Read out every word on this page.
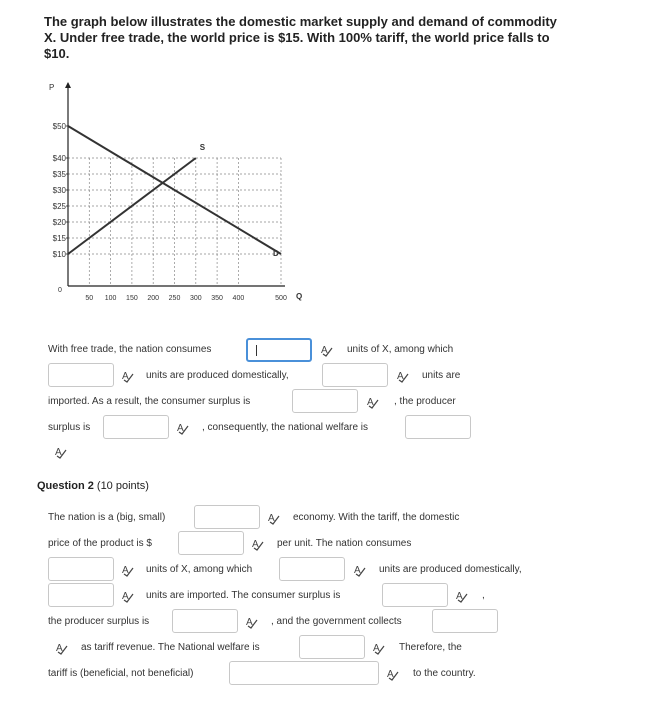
The graph below illustrates the domestic market supply and demand of commodity X. Under free trade, the world price is $15. With 100% tariff, the world price falls to $10.
S
D
P
Q
$10
$15
$20
$25
$30
$35
$40
$50
0
50 100 150 200 250 300 350 400	500
With free trade, the nation consumes	units of X, among which
units are produced domestically,	units are
imported. As a result, the consumer surplus is	, the producer
surplus is	, consequently, the national welfare is
Question 2 (10 points)
The nation is a (big, small)	economy. With the tariff, the domestic
price of the product is $	per unit. The nation consumes
units of X, among which	units are produced domestically,
units are imported. The consumer surplus is	,
the producer surplus is	, and the government collects
as tariff revenue. The National welfare is	Therefore, the
tariff is (beneficial, not beneficial)	to the country.
